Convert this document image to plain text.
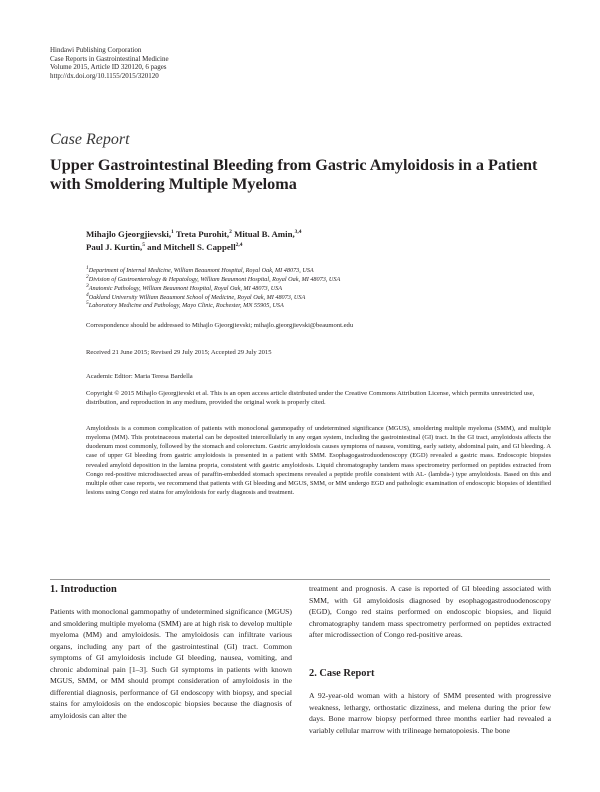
Hindawi Publishing Corporation
Case Reports in Gastrointestinal Medicine
Volume 2015, Article ID 320120, 6 pages
http://dx.doi.org/10.1155/2015/320120
Case Report
Upper Gastrointestinal Bleeding from Gastric Amyloidosis in a Patient with Smoldering Multiple Myeloma
Mihajlo Gjeorgjievski,$^1$ Treta Purohit,$^2$ Mitual B. Amin,$^{3,4}$
Paul J. Kurtin,$^5$ and Mitchell S. Cappell$^{2,4}$
$^1$Department of Internal Medicine, William Beaumont Hospital, Royal Oak, MI 48073, USA
$^2$Division of Gastroenterology & Hepatology, William Beaumont Hospital, Royal Oak, MI 48073, USA
$^3$Anatomic Pathology, William Beaumont Hospital, Royal Oak, MI 48073, USA
$^4$Oakland University William Beaumont School of Medicine, Royal Oak, MI 48073, USA
$^5$Laboratory Medicine and Pathology, Mayo Clinic, Rochester, MN 55905, USA
Correspondence should be addressed to Mihajlo Gjeorgjievski; mihajlo.gjeorgjievski@beaumont.edu
Received 21 June 2015; Revised 29 July 2015; Accepted 29 July 2015
Academic Editor: Maria Teresa Bardella
Copyright © 2015 Mihajlo Gjeorgjievski et al. This is an open access article distributed under the Creative Commons Attribution License, which permits unrestricted use, distribution, and reproduction in any medium, provided the original work is properly cited.
Amyloidosis is a common complication of patients with monoclonal gammopathy of undetermined significance (MGUS), smoldering multiple myeloma (SMM), and multiple myeloma (MM). This proteinaceous material can be deposited intercellularly in any organ system, including the gastrointestinal (GI) tract. In the GI tract, amyloidosis affects the duodenum most commonly, followed by the stomach and colorectum. Gastric amyloidosis causes symptoms of nausea, vomiting, early satiety, abdominal pain, and GI bleeding. A case of upper GI bleeding from gastric amyloidosis is presented in a patient with SMM. Esophagogastroduodenoscopy (EGD) revealed a gastric mass. Endoscopic biopsies revealed amyloid deposition in the lamina propria, consistent with gastric amyloidosis. Liquid chromatography tandem mass spectrometry performed on peptides extracted from Congo red-positive microdissected areas of paraffin-embedded stomach specimens revealed a peptide profile consistent with AL- (lambda-) type amyloidosis. Based on this and multiple other case reports, we recommend that patients with GI bleeding and MGUS, SMM, or MM undergo EGD and pathologic examination of endoscopic biopsies of identified lesions using Congo red stains for amyloidosis for early diagnosis and treatment.
1. Introduction
Patients with monoclonal gammopathy of undetermined significance (MGUS) and smoldering multiple myeloma (SMM) are at high risk to develop multiple myeloma (MM) and amyloidosis. The amyloidosis can infiltrate various organs, including any part of the gastrointestinal (GI) tract. Common symptoms of GI amyloidosis include GI bleeding, nausea, vomiting, and chronic abdominal pain [1–3]. Such GI symptoms in patients with known MGUS, SMM, or MM should prompt consideration of amyloidosis in the differential diagnosis, performance of GI endoscopy with biopsy, and special stains for amyloidosis on the endoscopic biopsies because the diagnosis of amyloidosis can alter the
treatment and prognosis. A case is reported of GI bleeding associated with SMM, with GI amyloidosis diagnosed by esophagogastroduodenoscopy (EGD), Congo red stains performed on endoscopic biopsies, and liquid chromatography tandem mass spectrometry performed on peptides extracted after microdissection of Congo red-positive areas.
2. Case Report
A 92-year-old woman with a history of SMM presented with progressive weakness, lethargy, orthostatic dizziness, and melena during the prior few days. Bone marrow biopsy performed three months earlier had revealed a variably cellular marrow with trilineage hematopoiesis. The bone
